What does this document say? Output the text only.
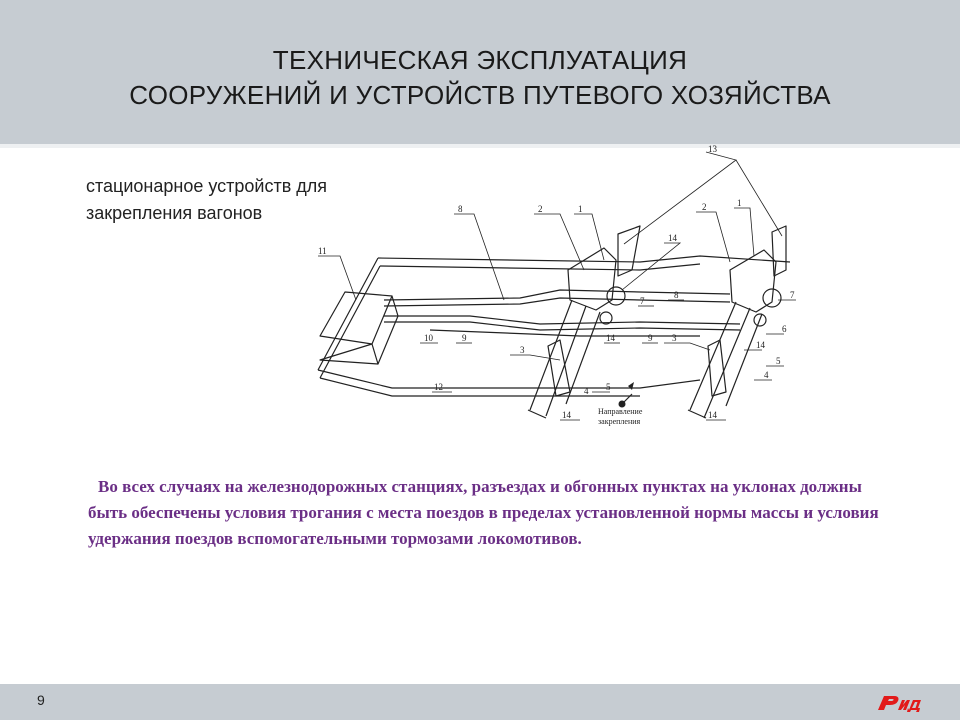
ТЕХНИЧЕСКАЯ ЭКСПЛУАТАЦИЯ
СООРУЖЕНИЙ И УСТРОЙСТВ ПУТЕВОГО ХОЗЯЙСТВА
13
8	2	1	2	1
14
11
7
8	7
6
10	9	14	9
3
3
14
5
5
12	4
4
14	14
Направление
закрепления
стационарное устройств для
закрепления вагонов
Во всех случаях на железнодорожных станциях, разъездах и обгонных пунктах на уклонах должны быть обеспечены условия трогания с места поездов в пределах установленной нормы массы и условия удержания поездов вспомогательными тормозами локомотивов.
9
